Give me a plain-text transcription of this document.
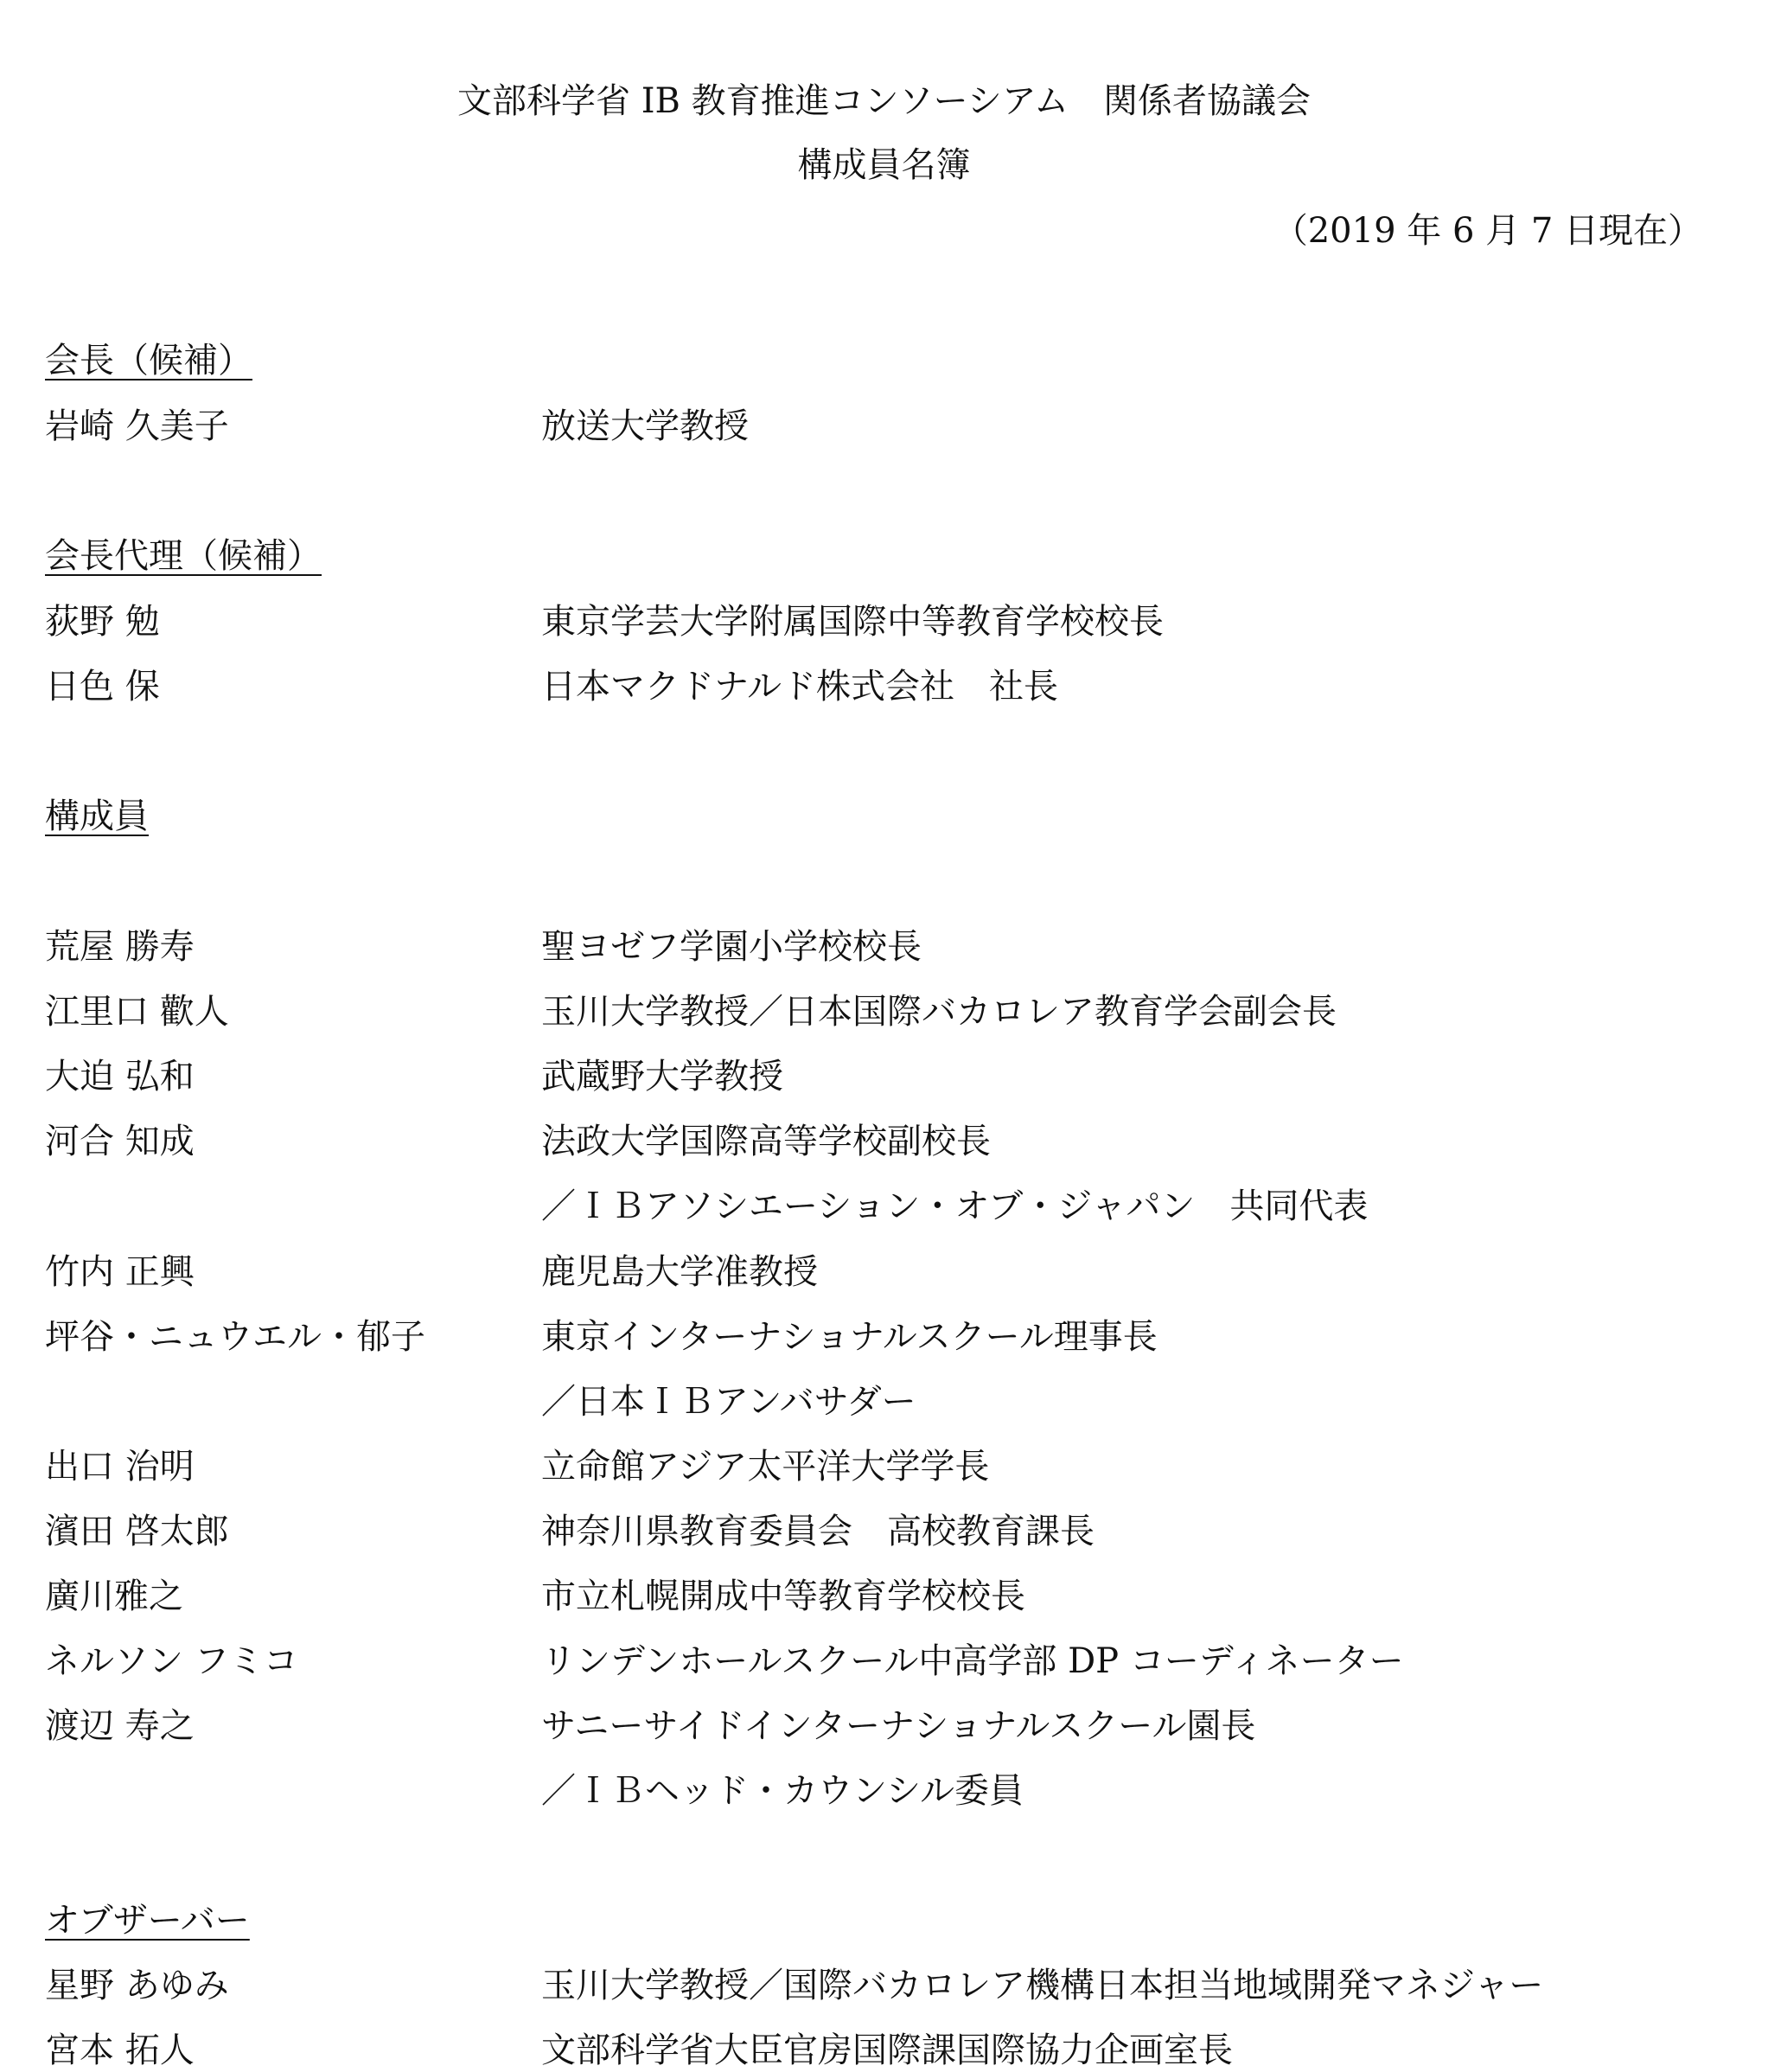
文部科学省 IB 教育推進コンソーシアム　関係者協議会
構成員名簿
（2019 年 6 月 7 日現在）
会長（候補）
岩崎 久美子	放送大学教授
会長代理（候補）
荻野 勉	東京学芸大学附属国際中等教育学校校長
日色 保	日本マクドナルド株式会社　社長
構成員
荒屋 勝寿	聖ヨゼフ学園小学校校長
江里口 歡人	玉川大学教授／日本国際バカロレア教育学会副会長
大迫 弘和	武蔵野大学教授
河合 知成	法政大学国際高等学校副校長
／ＩＢアソシエーション・オブ・ジャパン　共同代表
竹内 正興	鹿児島大学准教授
坪谷・ニュウエル・郁子	東京インターナショナルスクール理事長
／日本ＩＢアンバサダー
出口 治明	立命館アジア太平洋大学学長
濱田 啓太郎	神奈川県教育委員会　高校教育課長
廣川雅之	市立札幌開成中等教育学校校長
ネルソン フミコ	リンデンホールスクール中高学部 DP コーディネーター
渡辺 寿之	サニーサイドインターナショナルスクール園長
／ＩＢヘッド・カウンシル委員
オブザーバー
星野 あゆみ	玉川大学教授／国際バカロレア機構日本担当地域開発マネジャー
宮本 拓人	文部科学省大臣官房国際課国際協力企画室長
